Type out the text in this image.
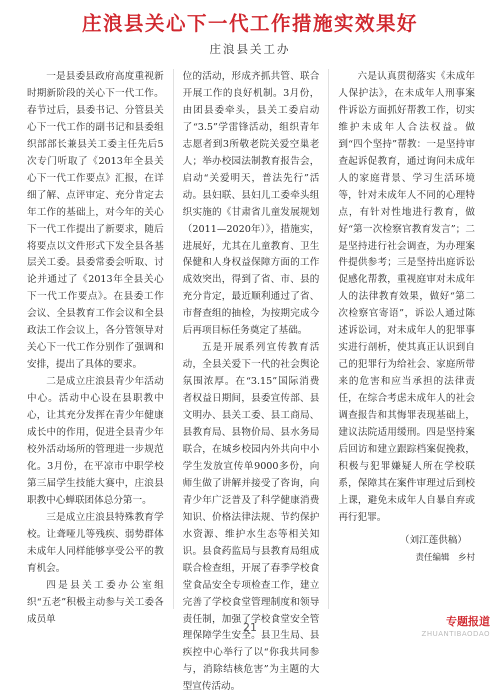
庄浪县关心下一代工作措施实效果好
庄浪县关工办

一是县委县政府高度重视新时期新阶段的关心下一代工作。春节过后，县委书记、分管县关心下一代工作的副书记和县委组织部部长兼县关工委主任先后5次专门听取了《2013年全县关心下一代工作要点》汇报，在详细了解、点评审定、充分肯定去年工作的基础上，对今年的关心下一代工作提出了新要求，随后将要点以文件形式下发全县各基层关工委。县委常委会听取、讨论并通过了《2013年全县关心下一代工作要点》。在县委工作会议、全县教育工作会议和全县政法工作会议上，各分管领导对关心下一代工作分别作了强调和安排，提出了具体的要求。

二是成立庄浪县青少年活动中心。活动中心设在县职教中心，让其充分发挥在青少年健康成长中的作用，促进全县青少年校外活动场所的管理进一步规范化。3月份，在平凉市中职学校第三届学生技能大赛中，庄浪县职教中心蝉联团体总分第一。

三是成立庄浪县特殊教育学校。让聋哑儿等残疾、弱势群体未成年人同样能够享受公平的教育机会。

四是县关工委办公室组织“五老”积极主动参与关工委各成员单

位的活动，形成齐抓共管、联合开展工作的良好机制。3月份，由团县委牵头，县关工委启动了“3.5”学雷锋活动，组织青年志愿者到3所敬老院关爱空巢老人；举办校园法制教育报告会，启动“关爱明天，普法先行”活动。县妇联、县妇儿工委牵头组织实施的《甘肃省儿童发展规划（2011—2020年）》，措施实，进展好，尤其在儿童教育、卫生保健和人身权益保障方面的工作成效突出，得到了省、市、县的充分肯定，最近顺利通过了省、市督查组的抽检，为按期完成今后再项目标任务奠定了基础。

五是开展系列宣传教育活动，全县关爱下一代的社会舆论氛围浓厚。在“3.15”国际消费者权益日期间，县委宣传部、县文明办、县关工委、县工商局、县教育局、县物价局、县水务局联合，在城乡校园内外共向中小学生发放宣传单9000多份，向师生做了讲解并接受了咨询，向青少年广泛普及了科学健康消费知识、价格法律法规、节约保护水资源、维护水生态等相关知识。县食药监局与县教育局组成联合检查组，开展了春季学校食堂食品安全专项检查工作，建立完善了学校食堂管理制度和领导责任制，加强了学校食堂安全管理保障学生安全。县卫生局、县疾控中心举行了以“你我共同参与，消除结核危害”为主题的大型宣传活动。

六是认真贯彻落实《未成年人保护法》，在未成年人刑事案件诉讼方面抓好帮教工作，切实维护未成年人合法权益。做到“四个坚持”帮教：一是坚持审查起诉促教育，通过询问未成年人的家庭背景、学习生活环境等，针对未成年人不同的心理特点，有针对性地进行教育，做好“第一次检察官教育发言”；二是坚持进行社会调查，为办理案件提供参考；三是坚持出庭诉讼促感化帮教，重视庭审对未成年人的法律教育效果，做好“第二次检察官寄语”，诉讼人通过陈述诉讼词，对未成年人的犯罪事实进行剖析，使其真正认识到自己的犯罪行为给社会、家庭所带来的危害和应当承担的法律责任，在综合考虑未成年人的社会调查报告和其悔罪表现基础上，建议法院适用缓刑。四是坚持案后回访和建立跟踪档案促挽救，积极与犯罪嫌疑人所在学校联系，保障其在案件审理过后到校上课，避免未成年人自暴自弃或再行犯罪。

（刘江莲供稿）

责任编辑　 乡村

21	专题报道
ZHUANTIBAODAO
